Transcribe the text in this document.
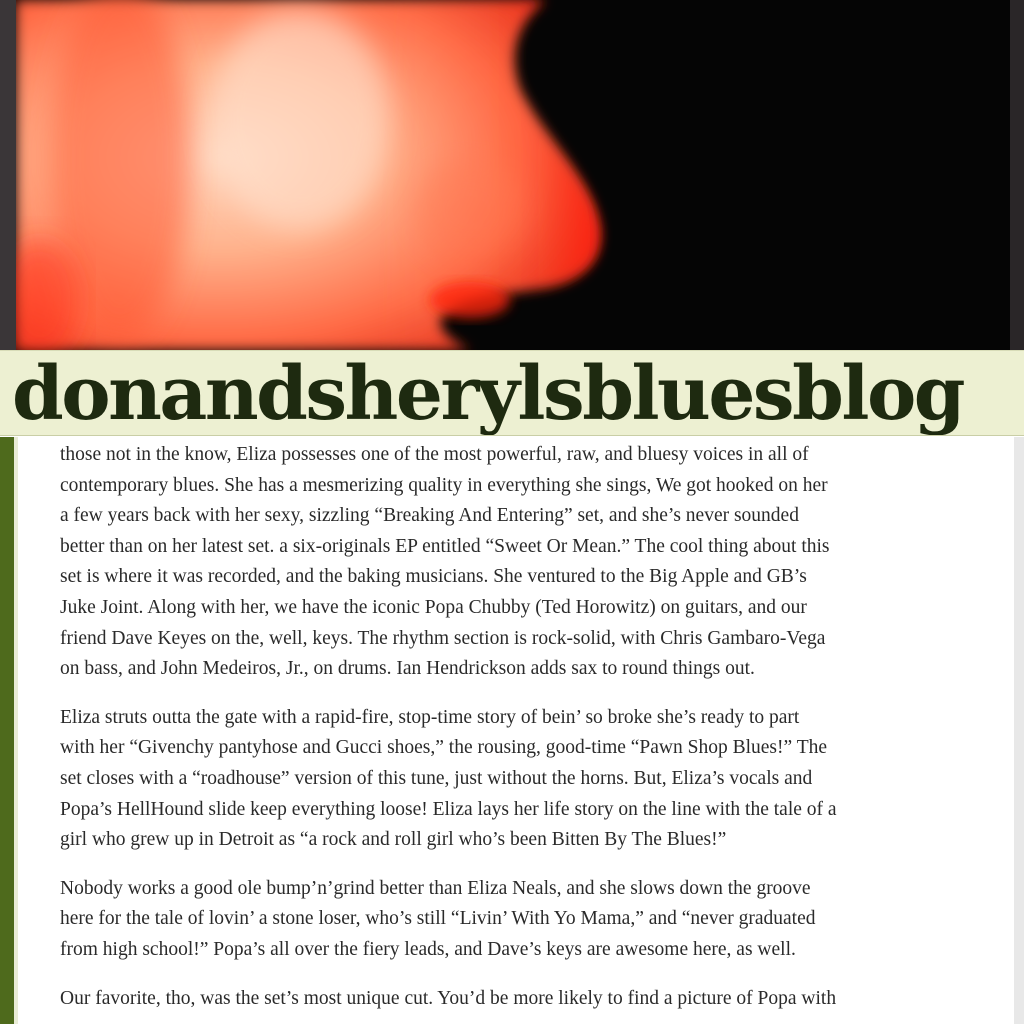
donandsherylsbluesblog

those not in the know, Eliza possesses one of the most powerful, raw, and bluesy voices in all of
contemporary blues. She has a mesmerizing quality in everything she sings, We got hooked on her
a few years back with her sexy, sizzling “Breaking And Entering” set, and she’s never sounded
better than on her latest set. a six-originals EP entitled “Sweet Or Mean.” The cool thing about this
set is where it was recorded, and the baking musicians. She ventured to the Big Apple and GB’s
Juke Joint. Along with her, we have the iconic Popa Chubby (Ted Horowitz) on guitars, and our
friend Dave Keyes on the, well, keys. The rhythm section is rock-solid, with Chris Gambaro-Vega
on bass, and John Medeiros, Jr., on drums. Ian Hendrickson adds sax to round things out.

Eliza struts outta the gate with a rapid-fire, stop-time story of bein’ so broke she’s ready to part
with her “Givenchy pantyhose and Gucci shoes,” the rousing, good-time “Pawn Shop Blues!” The
set closes with a “roadhouse” version of this tune, just without the horns. But, Eliza’s vocals and
Popa’s HellHound slide keep everything loose! Eliza lays her life story on the line with the tale of a
girl who grew up in Detroit as “a rock and roll girl who’s been Bitten By The Blues!”

Nobody works a good ole bump’n’grind better than Eliza Neals, and she slows down the groove
here for the tale of lovin’ a stone loser, who’s still “Livin’ With Yo Mama,” and “never graduated
from high school!” Popa’s all over the fiery leads, and Dave’s keys are awesome here, as well.

Our favorite, tho, was the set’s most unique cut. You’d be more likely to find a picture of Popa with
